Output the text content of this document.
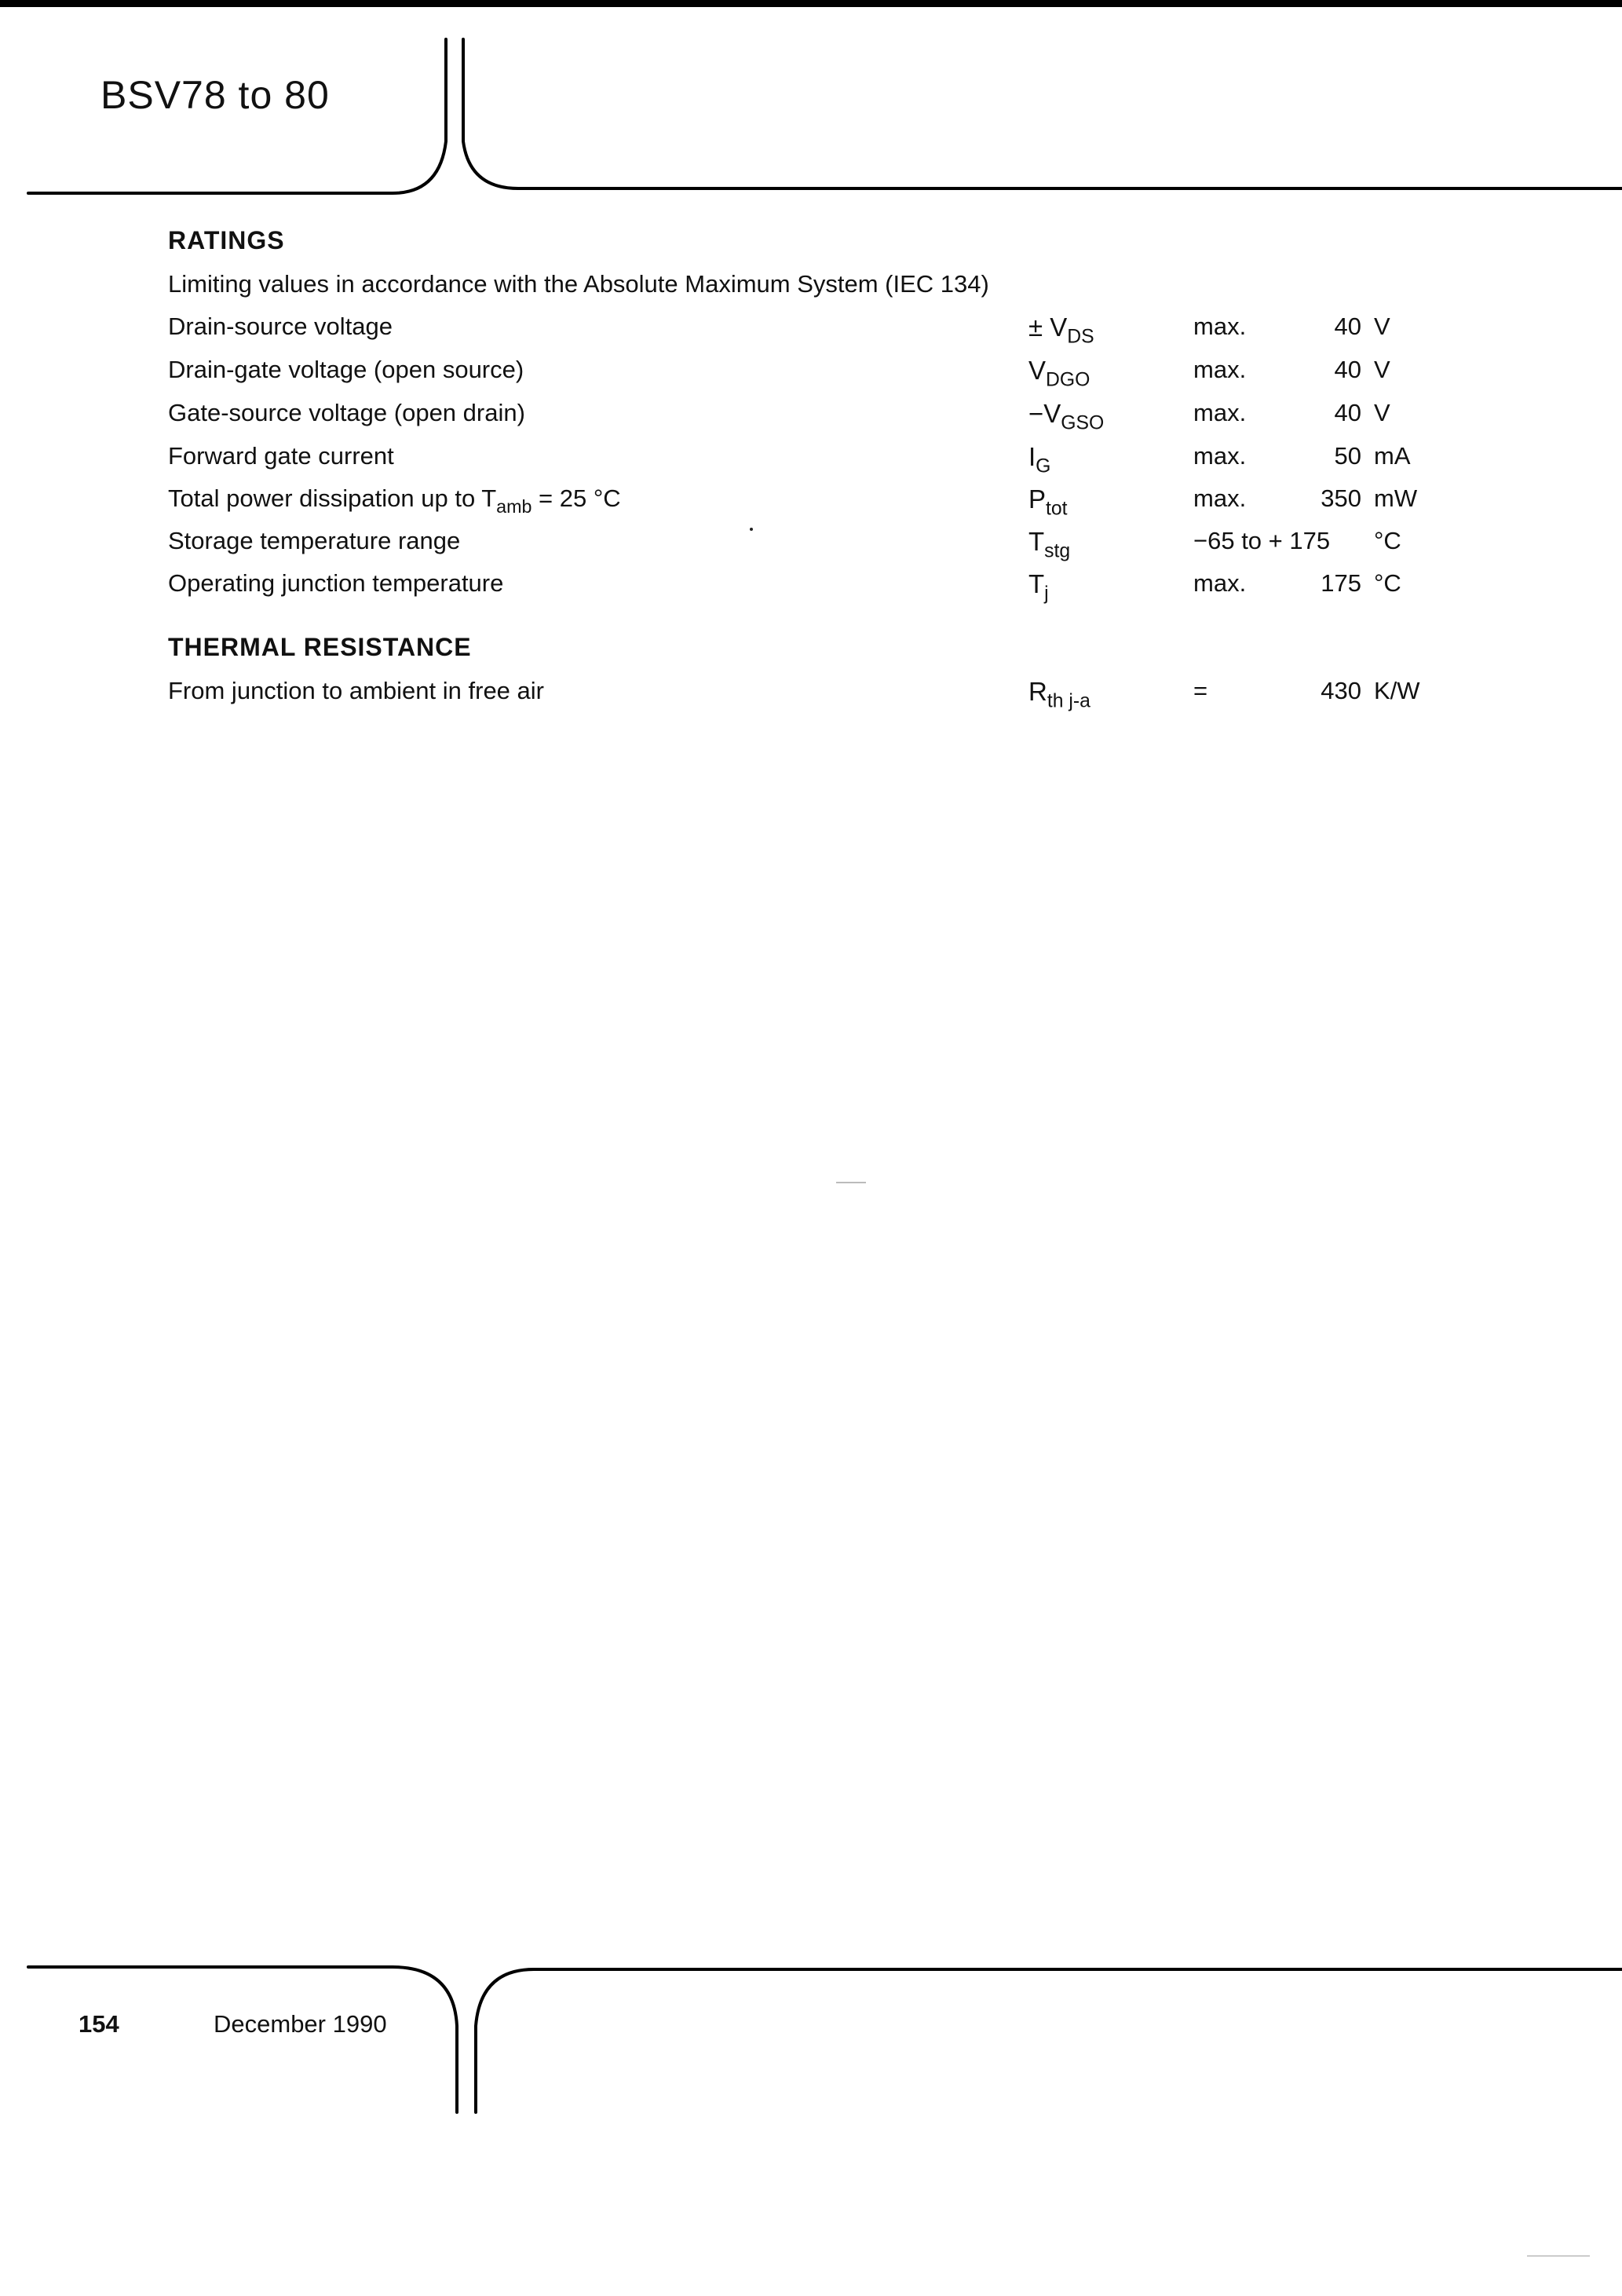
BSV78 to 80
RATINGS
Limiting values in accordance with the Absolute Maximum System (IEC 134)
Drain-source voltage	± $V_{DS}$	max.	40 V
Drain-gate voltage (open source)	$V_{DGO}$	max.	40 V
Gate-source voltage (open drain)	$-V_{GSO}$	max.	40 V
Forward gate current	$I_G$	max.	50 mA
Total power dissipation up to $T_{amb} = 25$ °C	$P_{tot}$	max.	350 mW
Storage temperature range	$T_{stg}$	−65 to + 175 °C
Operating junction temperature	$T_j$	max.	175 °C
THERMAL RESISTANCE
From junction to ambient in free air	$R_{th j-a}$	=	430 K/W
154	December 1990
